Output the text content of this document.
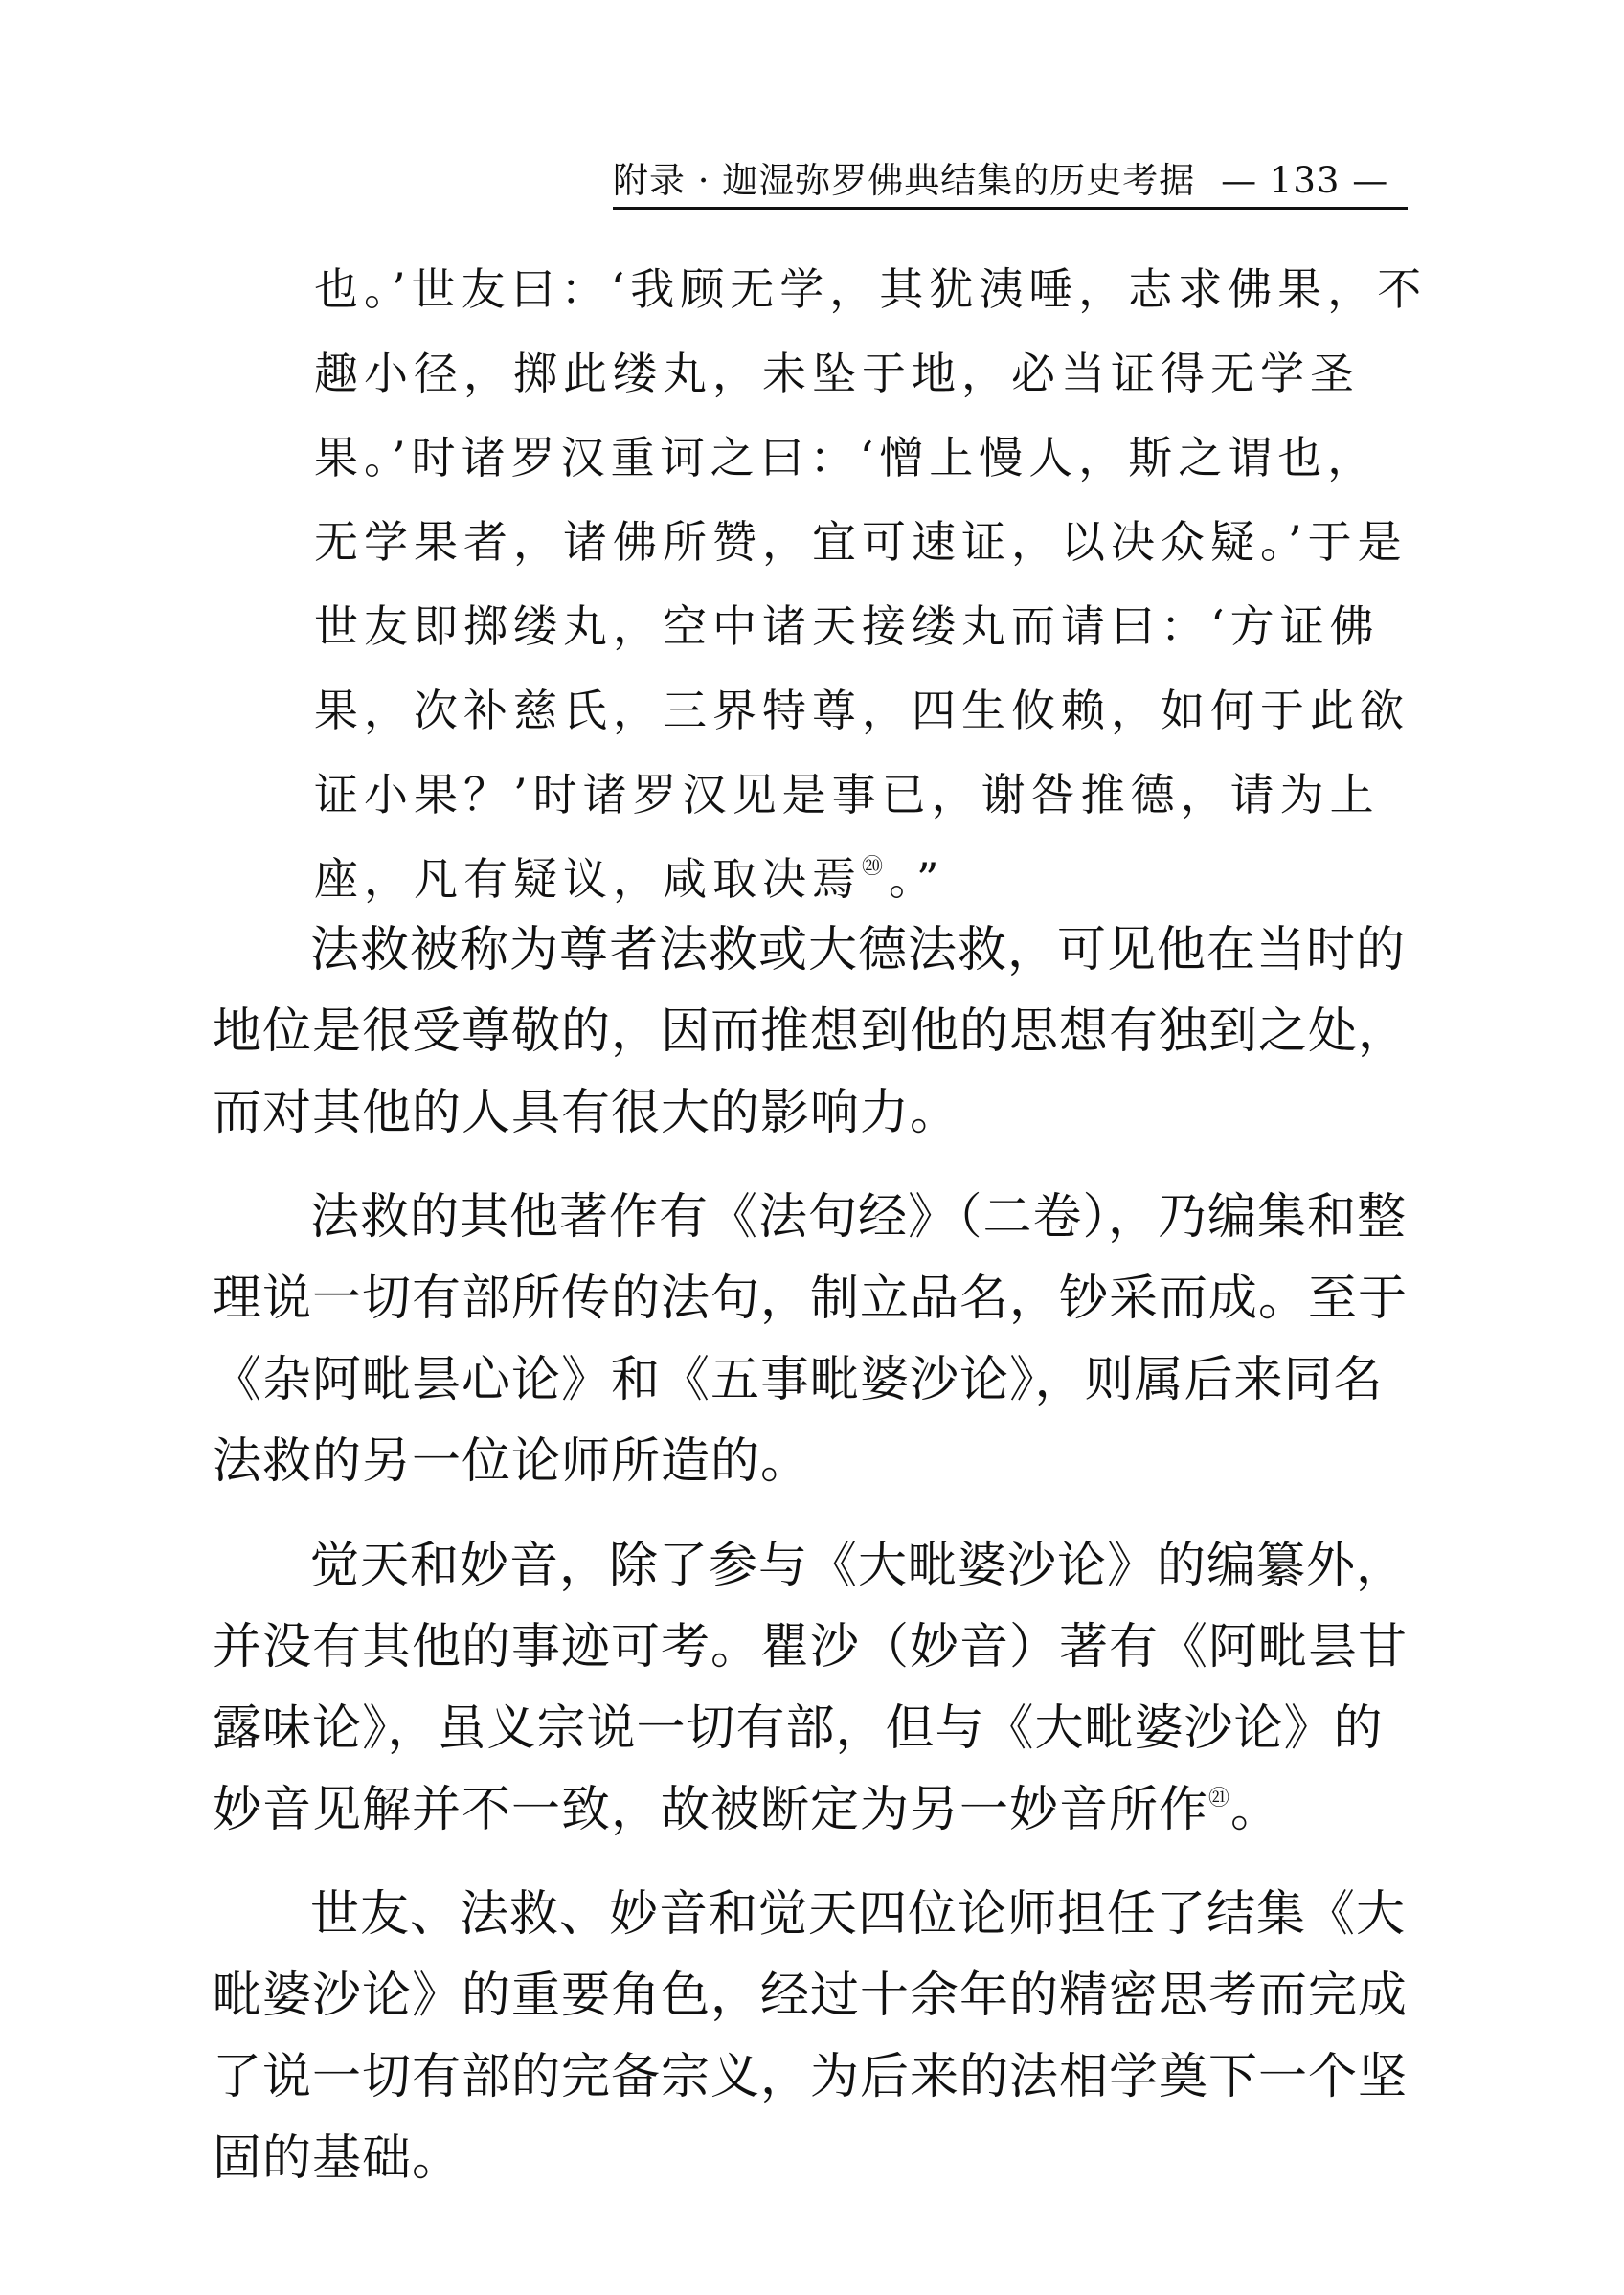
附录 · 迦湿弥罗佛典结集的历史考据 — 133 —

也。’世友曰：‘我顾无学，其犹洟唾，志求佛果，不

趣小径，掷此缕丸，未坠于地，必当证得无学圣

果。’时诸罗汉重诃之曰：‘憎上慢人，斯之谓也，

无学果者，诸佛所赞，宜可速证，以决众疑。’于是

世友即掷缕丸，空中诸天接缕丸而请曰：‘方证佛

果，次补慈氏，三界特尊，四生攸赖，如何于此欲

证小果？’时诸罗汉见是事已，谢咎推德，请为上

座，凡有疑议，咸取决焉⑳。”

法救被称为尊者法救或大德法救，可见他在当时的地位是很受尊敬的，因而推想到他的思想有独到之处，而对其他的人具有很大的影响力。

法救的其他著作有《法句经》（二卷），乃编集和整理说一切有部所传的法句，制立品名，钞采而成。至于《杂阿毗昙心论》和《五事毗婆沙论》，则属后来同名法救的另一位论师所造的。

觉天和妙音，除了参与《大毗婆沙论》的编纂外，并没有其他的事迹可考。瞿沙（妙音）著有《阿毗昙甘露味论》，虽义宗说一切有部，但与《大毗婆沙论》的妙音见解并不一致，故被断定为另一妙音所作$^㉑$。

世友、法救、妙音和觉天四位论师担任了结集《大毗婆沙论》的重要角色，经过十余年的精密思考而完成了说一切有部的完备宗义，为后来的法相学奠下一个坚固的基础。
